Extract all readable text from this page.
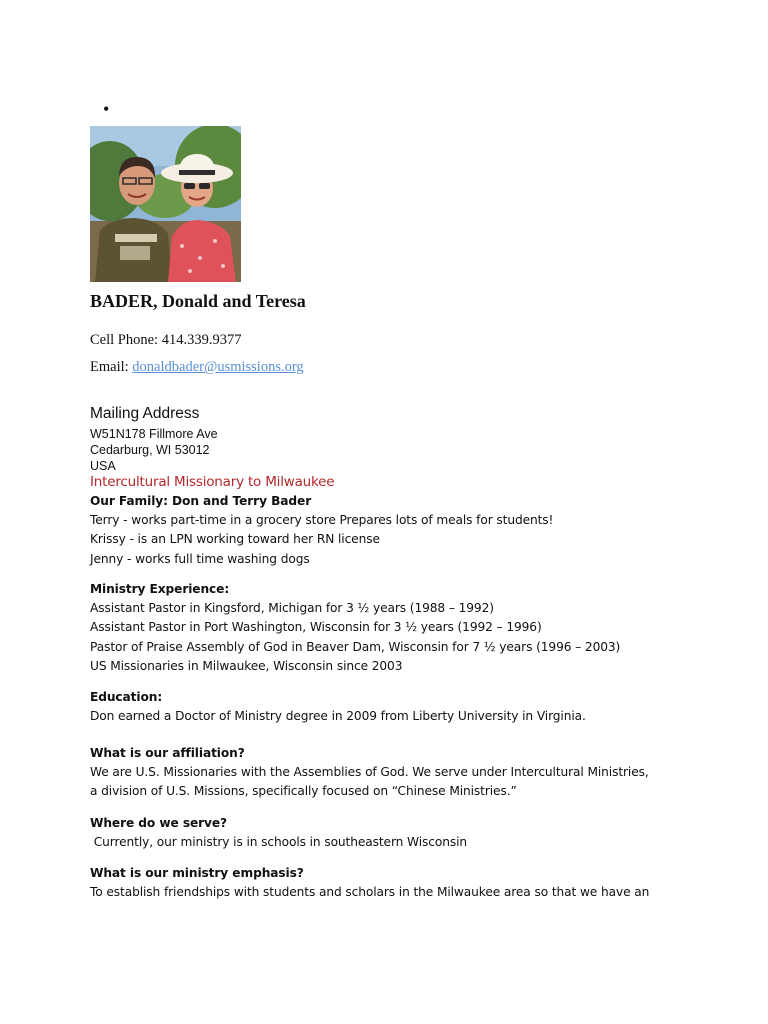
•
BADER, Donald and Teresa
Cell Phone: 414.339.9377
Email: donaldbader@usmissions.org
Mailing Address
W51N178 Fillmore Ave
Cedarburg, WI 53012
USA
Intercultural Missionary to Milwaukee
Our Family: Don and Terry Bader
Terry - works part-time in a grocery store Prepares lots of meals for students!
Krissy - is an LPN working toward her RN license
Jenny - works full time washing dogs
Ministry Experience:
Assistant Pastor in Kingsford, Michigan for 3 ½ years (1988 – 1992)
Assistant Pastor in Port Washington, Wisconsin for 3 ½ years (1992 – 1996)
Pastor of Praise Assembly of God in Beaver Dam, Wisconsin for 7 ½ years (1996 – 2003)
US Missionaries in Milwaukee, Wisconsin since 2003
Education:
Don earned a Doctor of Ministry degree in 2009 from Liberty University in Virginia.
What is our affiliation?
We are U.S. Missionaries with the Assemblies of God. We serve under Intercultural Ministries,
a division of U.S. Missions, specifically focused on “Chinese Ministries.”
Where do we serve?
Currently, our ministry is in schools in southeastern Wisconsin
What is our ministry emphasis?
To establish friendships with students and scholars in the Milwaukee area so that we have an
